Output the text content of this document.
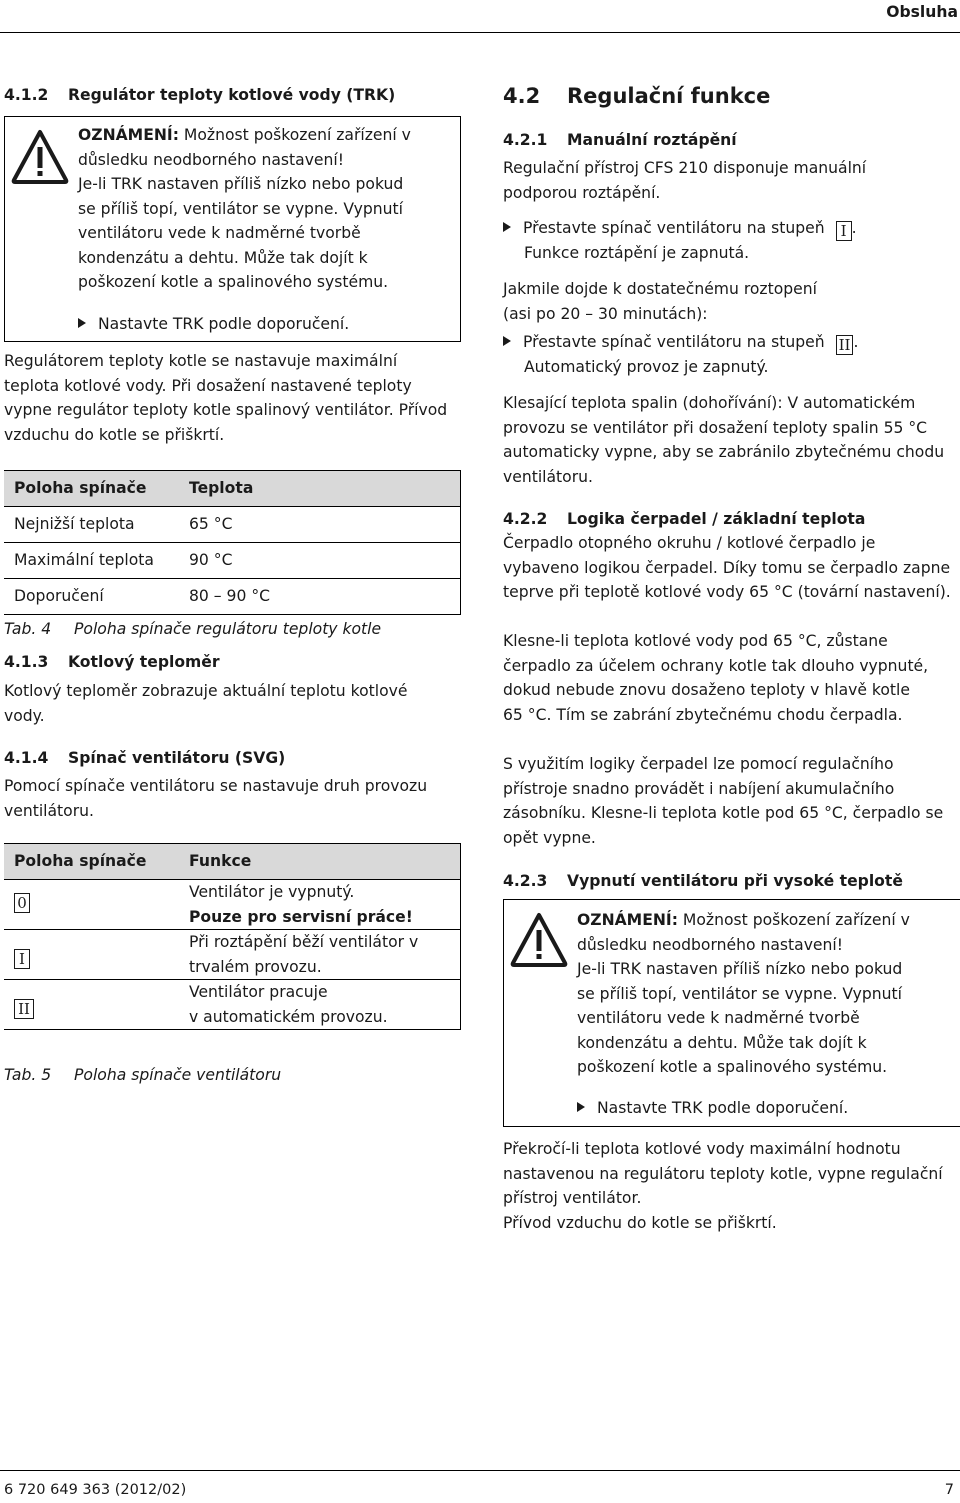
Obsluha
6 720 649 363 (2012/02)	7
4.1.2 Regulátor teploty kotlové vody (TRK)
OZNÁMENÍ: Možnost poškození zařízení v
důsledku neodborného nastavení!
Je-li TRK nastaven příliš nízko nebo pokud
se příliš topí, ventilátor se vypne. Vypnutí
ventilátoru vede k nadměrné tvorbě
kondenzátu a dehtu. Může tak dojít k
poškození kotle a spalinového systému.
Nastavte TRK podle doporučení.
Regulátorem teploty kotle se nastavuje maximální
teplota kotlové vody. Při dosažení nastavené teploty
vypne regulátor teploty kotle spalinový ventilátor. Přívod
vzduchu do kotle se přiškrtí.
Poloha spínače	Teplota
Nejnižší teplota	65 °C
Maximální teplota	90 °C
Doporučení	80 – 90 °C
Tab. 4 Poloha spínače regulátoru teploty kotle
4.1.3 Kotlový teploměr
Kotlový teploměr zobrazuje aktuální teplotu kotlové
vody.
4.1.4 Spínač ventilátoru (SVG)
Pomocí spínače ventilátoru se nastavuje druh provozu
ventilátoru.
Poloha spínače	Funkce
0	Ventilátor je vypnutý.
Pouze pro servisní práce!

I	Při roztápění běží ventilátor v
trvalém provozu.

II	Ventilátor pracuje
v automatickém provozu.
Tab. 5 Poloha spínače ventilátoru
4.2 Regulační funkce
4.2.1 Manuální roztápění
Regulační přístroj CFS 210 disponuje manuální
podporou roztápění.
Přestavte spínač ventilátoru na stupeň I .
Funkce roztápění je zapnutá.
Jakmile dojde k dostatečnému roztopení
(asi po 20 – 30 minutách):
Přestavte spínač ventilátoru na stupeň II .
Automatický provoz je zapnutý.
Klesající teplota spalin (dohořívání): V automatickém
provozu se ventilátor při dosažení teploty spalin 55 °C
automaticky vypne, aby se zabránilo zbytečnému chodu
ventilátoru.
4.2.2 Logika čerpadel / základní teplota
Čerpadlo otopného okruhu / kotlové čerpadlo je
vybaveno logikou čerpadel. Díky tomu se čerpadlo zapne
teprve při teplotě kotlové vody 65 °C (tovární nastavení).
Klesne-li teplota kotlové vody pod 65 °C, zůstane
čerpadlo za účelem ochrany kotle tak dlouho vypnuté,
dokud nebude znovu dosaženo teploty v hlavě kotle
65 °C. Tím se zabrání zbytečnému chodu čerpadla.
S využitím logiky čerpadel lze pomocí regulačního
přístroje snadno provádět i nabíjení akumulačního
zásobníku. Klesne-li teplota kotle pod 65 °C, čerpadlo se
opět vypne.
4.2.3 Vypnutí ventilátoru při vysoké teplotě
OZNÁMENÍ: Možnost poškození zařízení v
důsledku neodborného nastavení!
Je-li TRK nastaven příliš nízko nebo pokud
se příliš topí, ventilátor se vypne. Vypnutí
ventilátoru vede k nadměrné tvorbě
kondenzátu a dehtu. Může tak dojít k
poškození kotle a spalinového systému.
Nastavte TRK podle doporučení.
Překročí-li teplota kotlové vody maximální hodnotu
nastavenou na regulátoru teploty kotle, vypne regulační
přístroj ventilátor.
Přívod vzduchu do kotle se přiškrtí.
